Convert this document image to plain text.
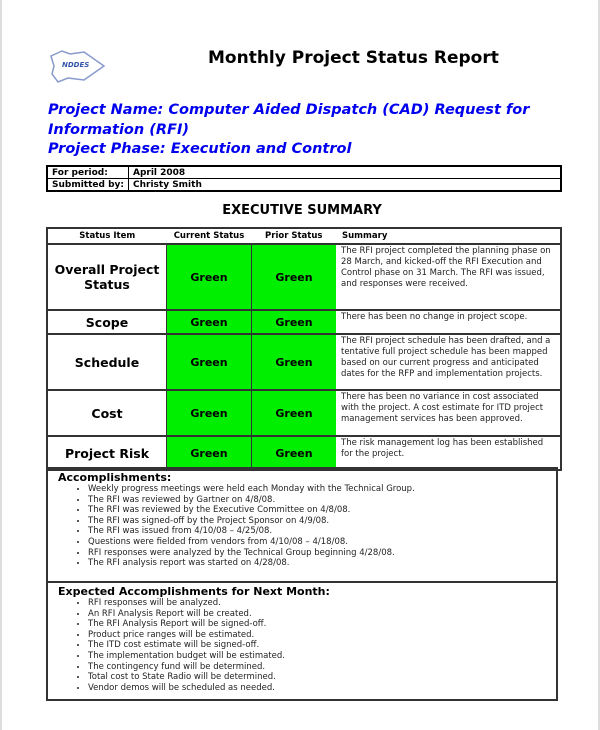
NDDES	Monthly Project Status Report
Project Name: Computer Aided Dispatch (CAD) Request for Information (RFI)
Project Phase: Execution and Control
For period:	April 2008
Submitted by:	Christy Smith
EXECUTIVE SUMMARY
Status Item	Current Status	Prior Status	Summary
Overall Project Status	Green	Green	The RFI project completed the planning phase on 28 March, and kicked-off the RFI Execution and Control phase on 31 March. The RFI was issued, and responses were received.
Scope	Green	Green	There has been no change in project scope.
Schedule	Green	Green	The RFI project schedule has been drafted, and a tentative full project schedule has been mapped based on our current progress and anticipated dates for the RFP and implementation projects.
Cost	Green	Green	There has been no variance in cost associated with the project. A cost estimate for ITD project management services has been approved.
Project Risk	Green	Green	The risk management log has been established for the project.
Accomplishments:
• Weekly progress meetings were held each Monday with the Technical Group.
• The RFI was reviewed by Gartner on 4/8/08.
• The RFI was reviewed by the Executive Committee on 4/8/08.
• The RFI was signed-off by the Project Sponsor on 4/9/08.
• The RFI was issued from 4/10/08 – 4/25/08.
• Questions were fielded from vendors from 4/10/08 – 4/18/08.
• RFI responses were analyzed by the Technical Group beginning 4/28/08.
• The RFI analysis report was started on 4/28/08.
Expected Accomplishments for Next Month:
• RFI responses will be analyzed.
• An RFI Analysis Report will be created.
• The RFI Analysis Report will be signed-off.
• Product price ranges will be estimated.
• The ITD cost estimate will be signed-off.
• The implementation budget will be estimated.
• The contingency fund will be determined.
• Total cost to State Radio will be determined.
• Vendor demos will be scheduled as needed.
